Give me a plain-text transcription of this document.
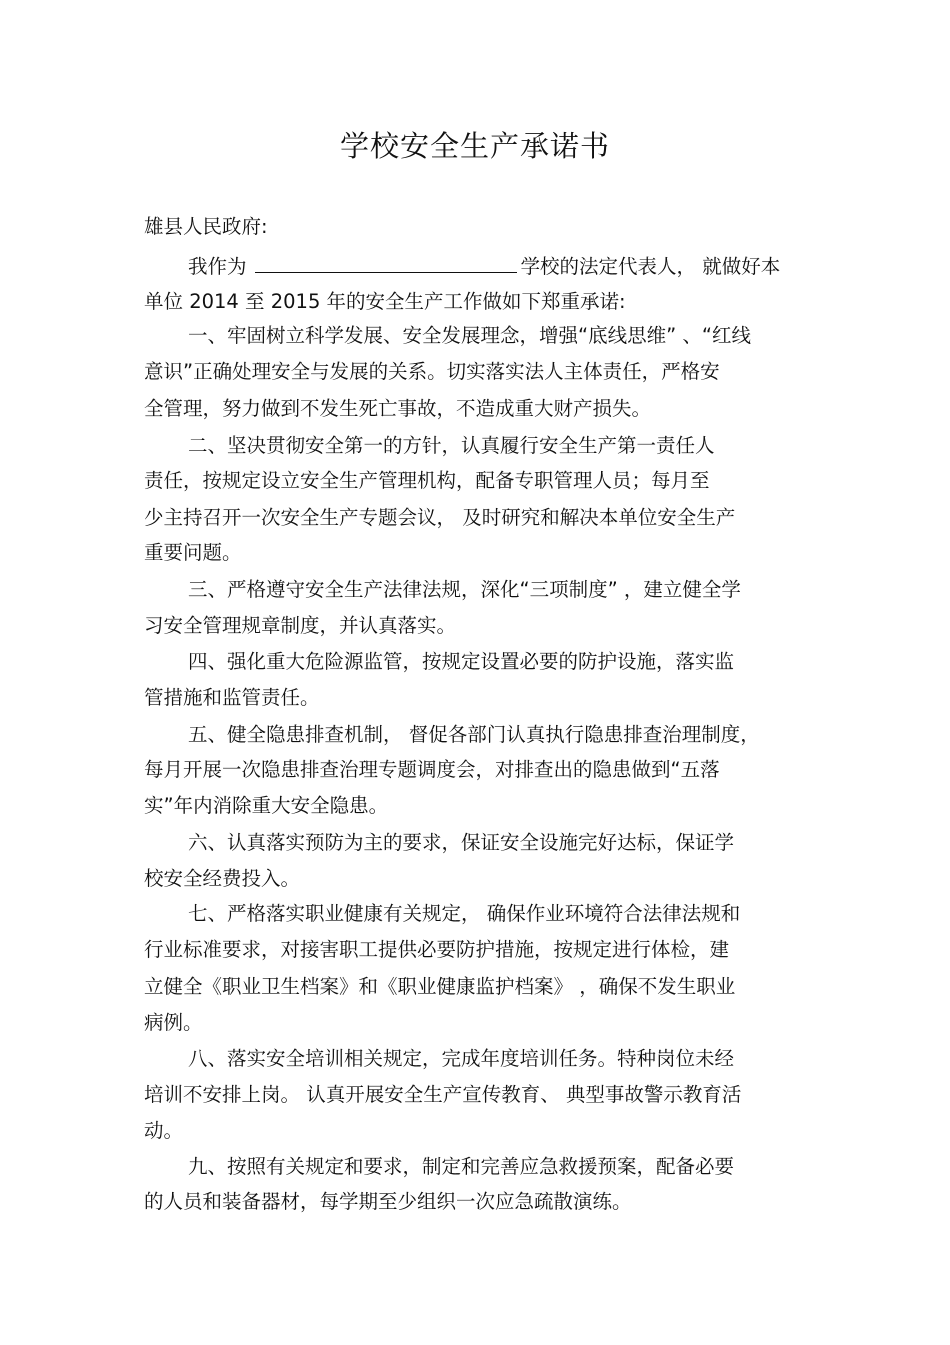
学校安全生产承诺书
雄县人民政府:
我作为	学校的法定代表人， 就做好本
单位 2014 至 2015 年的安全生产工作做如下郑重承诺:
一、牢固树立科学发展、安全发展理念，增强“底线思维” 、“红线
意识”正确处理安全与发展的关系。切实落实法人主体责任，严格安
全管理，努力做到不发生死亡事故，不造成重大财产损失。
二、坚决贯彻安全第一的方针，认真履行安全生产第一责任人
责任，按规定设立安全生产管理机构，配备专职管理人员；每月至
少主持召开一次安全生产专题会议， 及时研究和解决本单位安全生产
重要问题。
三、严格遵守安全生产法律法规，深化“三项制度” ，建立健全学
习安全管理规章制度，并认真落实。
四、强化重大危险源监管，按规定设置必要的防护设施，落实监
管措施和监管责任。
五、健全隐患排查机制， 督促各部门认真执行隐患排查治理制度，
每月开展一次隐患排查治理专题调度会，对排查出的隐患做到“五落
实”年内消除重大安全隐患。
六、认真落实预防为主的要求，保证安全设施完好达标，保证学
校安全经费投入。
七、严格落实职业健康有关规定， 确保作业环境符合法律法规和
行业标准要求，对接害职工提供必要防护措施，按规定进行体检，建
立健全《职业卫生档案》和《职业健康监护档案》 ，确保不发生职业
病例。
八、落实安全培训相关规定，完成年度培训任务。特种岗位未经
培训不安排上岗。 认真开展安全生产宣传教育、 典型事故警示教育活
动。
九、按照有关规定和要求，制定和完善应急救援预案，配备必要
的人员和装备器材，每学期至少组织一次应急疏散演练。
